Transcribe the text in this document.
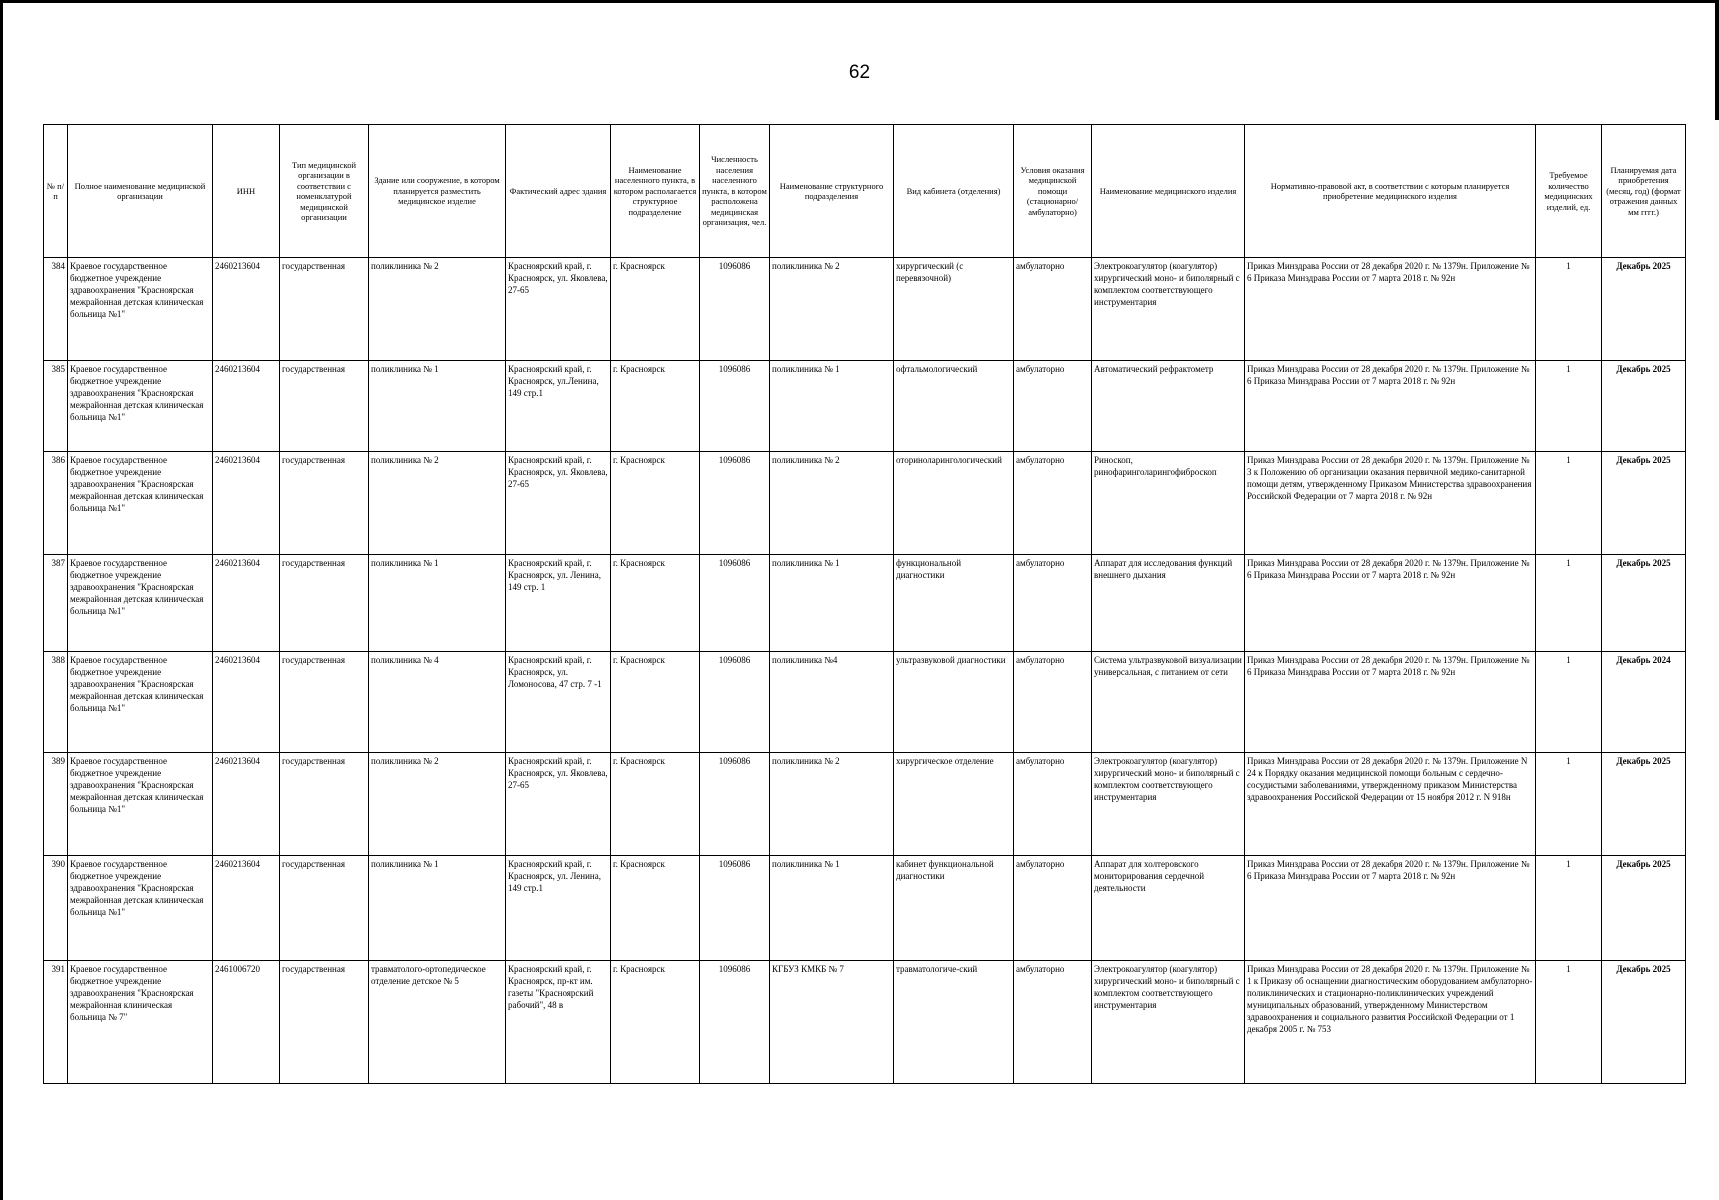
62
№ п/п	Полное наименование медицинской организации	ИНН	Тип медицинской организации в соответствии с номенклатурой медицинской организации	Здание или сооружение, в котором планируется разместить медицинское изделие	Фактический адрес здания	Наименование населенного пункта, в котором располагается структурное подразделение	Численность населения населенного пункта, в котором расположена медицинская организация, чел.	Наименование структурного подразделения	Вид кабинета (отделения)	Условия оказания медицинской помощи (стационарно/ амбулаторно)	Наименование медицинского изделия	Нормативно-правовой акт, в соответствии с которым планируется приобретение медицинского изделия	Требуемое количество медицинских изделий, ед.	Планируемая дата приобретения (месяц, год) (формат отражения данных мм гггг.)
384	Краевое государственное бюджетное учреждение здравоохранения "Красноярская межрайонная детская клиническая больница №1"	2460213604	государственная	поликлиника № 2	Красноярский край, г. Красноярск, ул. Яковлева, 27-65	г. Красноярск	1096086	поликлиника № 2	хирургический (с перевязочной)	амбулаторно	Электрокоагулятор (коагулятор) хирургический моно- и биполярный с комплектом соответствующего инструментария	Приказ Минздрава России от 28 декабря 2020 г. № 1379н. Приложение № 6 Приказа Минздрава России от 7 марта 2018 г. № 92н	1	Декабрь 2025
385	Краевое государственное бюджетное учреждение здравоохранения "Красноярская межрайонная детская клиническая больница №1"	2460213604	государственная	поликлиника № 1	Красноярский край, г. Красноярск, ул.Ленина, 149 стр.1	г. Красноярск	1096086	поликлиника № 1	офтальмологический	амбулаторно	Автоматический рефрактометр	Приказ Минздрава России от 28 декабря 2020 г. № 1379н. Приложение № 6 Приказа Минздрава России от 7 марта 2018 г. № 92н	1	Декабрь 2025
386	Краевое государственное бюджетное учреждение здравоохранения "Красноярская межрайонная детская клиническая больница №1"	2460213604	государственная	поликлиника № 2	Красноярский край, г. Красноярск, ул. Яковлева, 27-65	г. Красноярск	1096086	поликлиника № 2	оториноларингологический	амбулаторно	Риноскоп, ринофаринголарингофиброскоп	Приказ Минздрава России от 28 декабря 2020 г. № 1379н. Приложение № 3 к Положению об организации оказания первичной медико-санитарной помощи детям, утвержденному Приказом Министерства здравоохранения Российской Федерации от 7 марта 2018 г. № 92н	1	Декабрь 2025
387	Краевое государственное бюджетное учреждение здравоохранения "Красноярская межрайонная детская клиническая больница №1"	2460213604	государственная	поликлиника № 1	Красноярский край, г. Красноярск, ул. Ленина, 149 стр. 1	г. Красноярск	1096086	поликлиника № 1	функциональной диагностики	амбулаторно	Аппарат для исследования функций внешнего дыхания	Приказ Минздрава России от 28 декабря 2020 г. № 1379н. Приложение № 6 Приказа Минздрава России от 7 марта 2018 г. № 92н	1	Декабрь 2025
388	Краевое государственное бюджетное учреждение здравоохранения "Красноярская межрайонная детская клиническая больница №1"	2460213604	государственная	поликлиника № 4	Красноярский край, г. Красноярск, ул. Ломоносова, 47 стр. 7 -1	г. Красноярск	1096086	поликлиника №4	ультразвуковой диагностики	амбулаторно	Система ультразвуковой визуализации универсальная, с питанием от сети	Приказ Минздрава России от 28 декабря 2020 г. № 1379н. Приложение № 6 Приказа Минздрава России от 7 марта 2018 г. № 92н	1	Декабрь 2024
389	Краевое государственное бюджетное учреждение здравоохранения "Красноярская межрайонная детская клиническая больница №1"	2460213604	государственная	поликлиника № 2	Красноярский край, г. Красноярск, ул. Яковлева, 27-65	г. Красноярск	1096086	поликлиника № 2	хирургическое отделение	амбулаторно	Электрокоагулятор (коагулятор) хирургический моно- и биполярный с комплектом соответствующего инструментария	Приказ Минздрава России от 28 декабря 2020 г. № 1379н. Приложение N 24 к Порядку оказания медицинской помощи больным с сердечно-сосудистыми заболеваниями, утвержденному приказом Министерства здравоохранения Российской Федерации от 15 ноября 2012 г. N 918н	1	Декабрь 2025
390	Краевое государственное бюджетное учреждение здравоохранения "Красноярская межрайонная детская клиническая больница №1"	2460213604	государственная	поликлиника № 1	Красноярский край, г. Красноярск, ул. Ленина, 149 стр.1	г. Красноярск	1096086	поликлиника № 1	кабинет функциональной диагностики	амбулаторно	Аппарат для холтеровского мониторирования сердечной деятельности	Приказ Минздрава России от 28 декабря 2020 г. № 1379н. Приложение № 6 Приказа Минздрава России от 7 марта 2018 г. № 92н	1	Декабрь 2025
391	Краевое государственное бюджетное учреждение здравоохранения "Красноярская межрайонная клиническая больница № 7"	2461006720	государственная	травматолого-ортопедическое отделение детское № 5	Красноярский край, г. Красноярск, пр-кт им. газеты "Красноярский рабочий", 48 в	г. Красноярск	1096086	КГБУЗ КМКБ № 7	травматологиче-ский	амбулаторно	Электрокоагулятор (коагулятор) хирургический моно- и биполярный с комплектом соответствующего инструментария	Приказ Минздрава России от 28 декабря 2020 г. № 1379н. Приложение № 1 к Приказу об оснащении диагностическим оборудованием амбулаторно-поликлинических и стационарно-поликлинических учреждений муниципальных образований, утвержденному Министерством здравоохранения и социального развития Российской Федерации от 1 декабря 2005 г. № 753	1	Декабрь 2025
